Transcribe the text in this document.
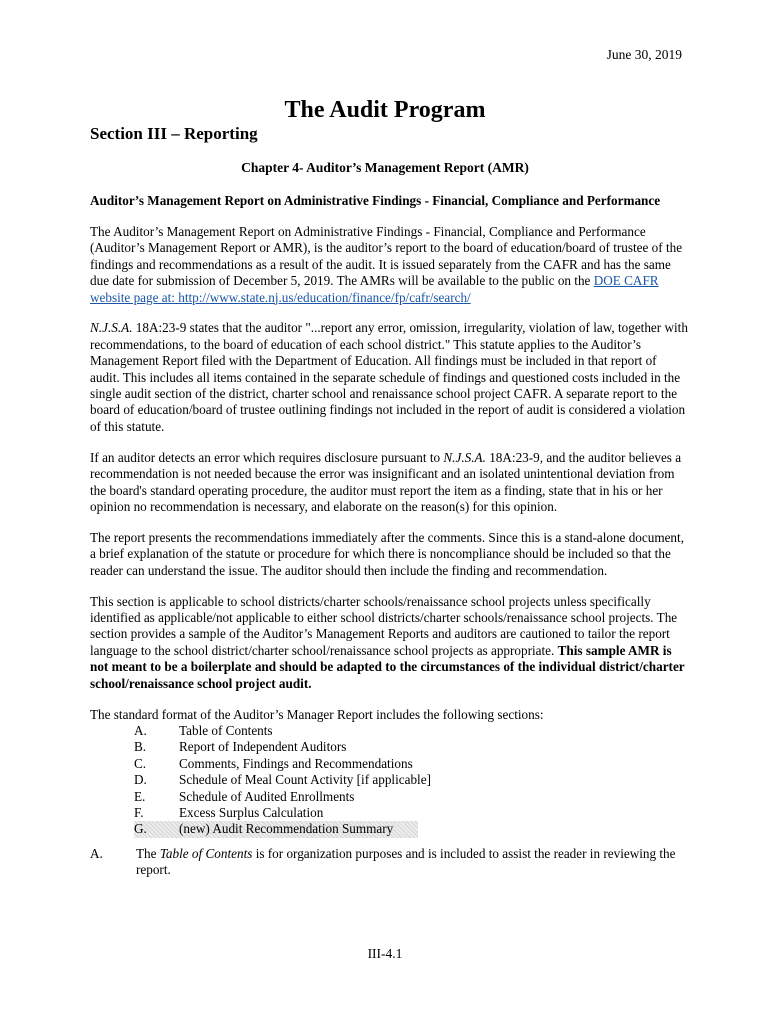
June 30, 2019
The Audit Program
Section III – Reporting
Chapter 4- Auditor’s Management Report (AMR)

Auditor’s Management Report on Administrative Findings - Financial, Compliance and Performance

The Auditor’s Management Report on Administrative Findings - Financial, Compliance and Performance (Auditor’s Management Report or AMR), is the auditor’s report to the board of education/board of trustee of the findings and recommendations as a result of the audit. It is issued separately from the CAFR and has the same due date for submission of December 5, 2019. The AMRs will be available to the public on the DOE CAFR website page at: http://www.state.nj.us/education/finance/fp/cafr/search/

N.J.S.A. 18A:23-9 states that the auditor "...report any error, omission, irregularity, violation of law, together with recommendations, to the board of education of each school district." This statute applies to the Auditor’s Management Report filed with the Department of Education. All findings must be included in that report of audit. This includes all items contained in the separate schedule of findings and questioned costs included in the single audit section of the district, charter school and renaissance school project CAFR. A separate report to the board of education/board of trustee outlining findings not included in the report of audit is considered a violation of this statute.

If an auditor detects an error which requires disclosure pursuant to N.J.S.A. 18A:23-9, and the auditor believes a recommendation is not needed because the error was insignificant and an isolated unintentional deviation from the board's standard operating procedure, the auditor must report the item as a finding, state that in his or her opinion no recommendation is necessary, and elaborate on the reason(s) for this opinion.

The report presents the recommendations immediately after the comments. Since this is a stand-alone document, a brief explanation of the statute or procedure for which there is noncompliance should be included so that the reader can understand the issue. The auditor should then include the finding and recommendation.

This section is applicable to school districts/charter schools/renaissance school projects unless specifically identified as applicable/not applicable to either school districts/charter schools/renaissance school projects. The section provides a sample of the Auditor’s Management Reports and auditors are cautioned to tailor the report language to the school district/charter school/renaissance school projects as appropriate. This sample AMR is not meant to be a boilerplate and should be adapted to the circumstances of the individual district/charter school/renaissance school project audit.

The standard format of the Auditor’s Manager Report includes the following sections:
A.	Table of Contents
B.	Report of Independent Auditors
C.	Comments, Findings and Recommendations
D.	Schedule of Meal Count Activity [if applicable]
E.	Schedule of Audited Enrollments
F.	Excess Surplus Calculation
G.	(new) Audit Recommendation Summary
A.	The Table of Contents is for organization purposes and is included to assist the reader in reviewing the report.
III-4.1
